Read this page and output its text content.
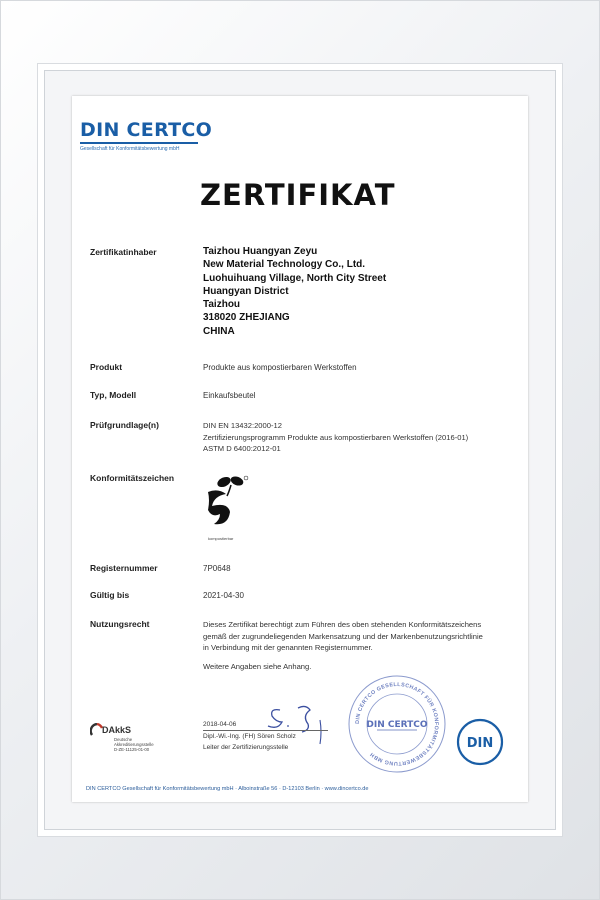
DIN CERTCO
Gesellschaft für Konformitätsbewertung mbH
ZERTIFIKAT
Zertifikatinhaber	Taizhou Huangyan Zeyu
New Material Technology Co., Ltd.
Luohuihuang Village, North City Street
Huangyan District
Taizhou
318020 ZHEJIANG
CHINA
Produkt	Produkte aus kompostierbaren Werkstoffen
Typ, Modell	Einkaufsbeutel
Prüfgrundlage(n)	DIN EN 13432:2000-12
Zertifizierungsprogramm Produkte aus kompostierbaren Werkstoffen (2016-01)
ASTM D 6400:2012-01
Konformitätszeichen
kompostierbar
Registernummer	7P0648
Gültig bis	2021-04-30
Nutzungsrecht	Dieses Zertifikat berechtigt zum Führen des oben stehenden Konformitätszeichens
gemäß der zugrundeliegenden Markensatzung und der Markenbenutzungsrichtlinie
in Verbindung mit der genannten Registernummer.
Weitere Angaben siehe Anhang.
2018-04-06
Dipl.-Wi.-Ing. (FH) Sören Scholz
Leiter der Zertifizierungsstelle
DIN CERTCO GESELLSCHAFT FÜR KONFORMITÄTSBEWERTUNG MBH
DIN CERTCO
DIN
DAkkS
Deutsche
Akkreditierungsstelle
D-ZE-11125-01-00
DIN CERTCO Gesellschaft für Konformitätsbewertung mbH · Alboinstraße 56 · D-12103 Berlin · www.dincertco.de
